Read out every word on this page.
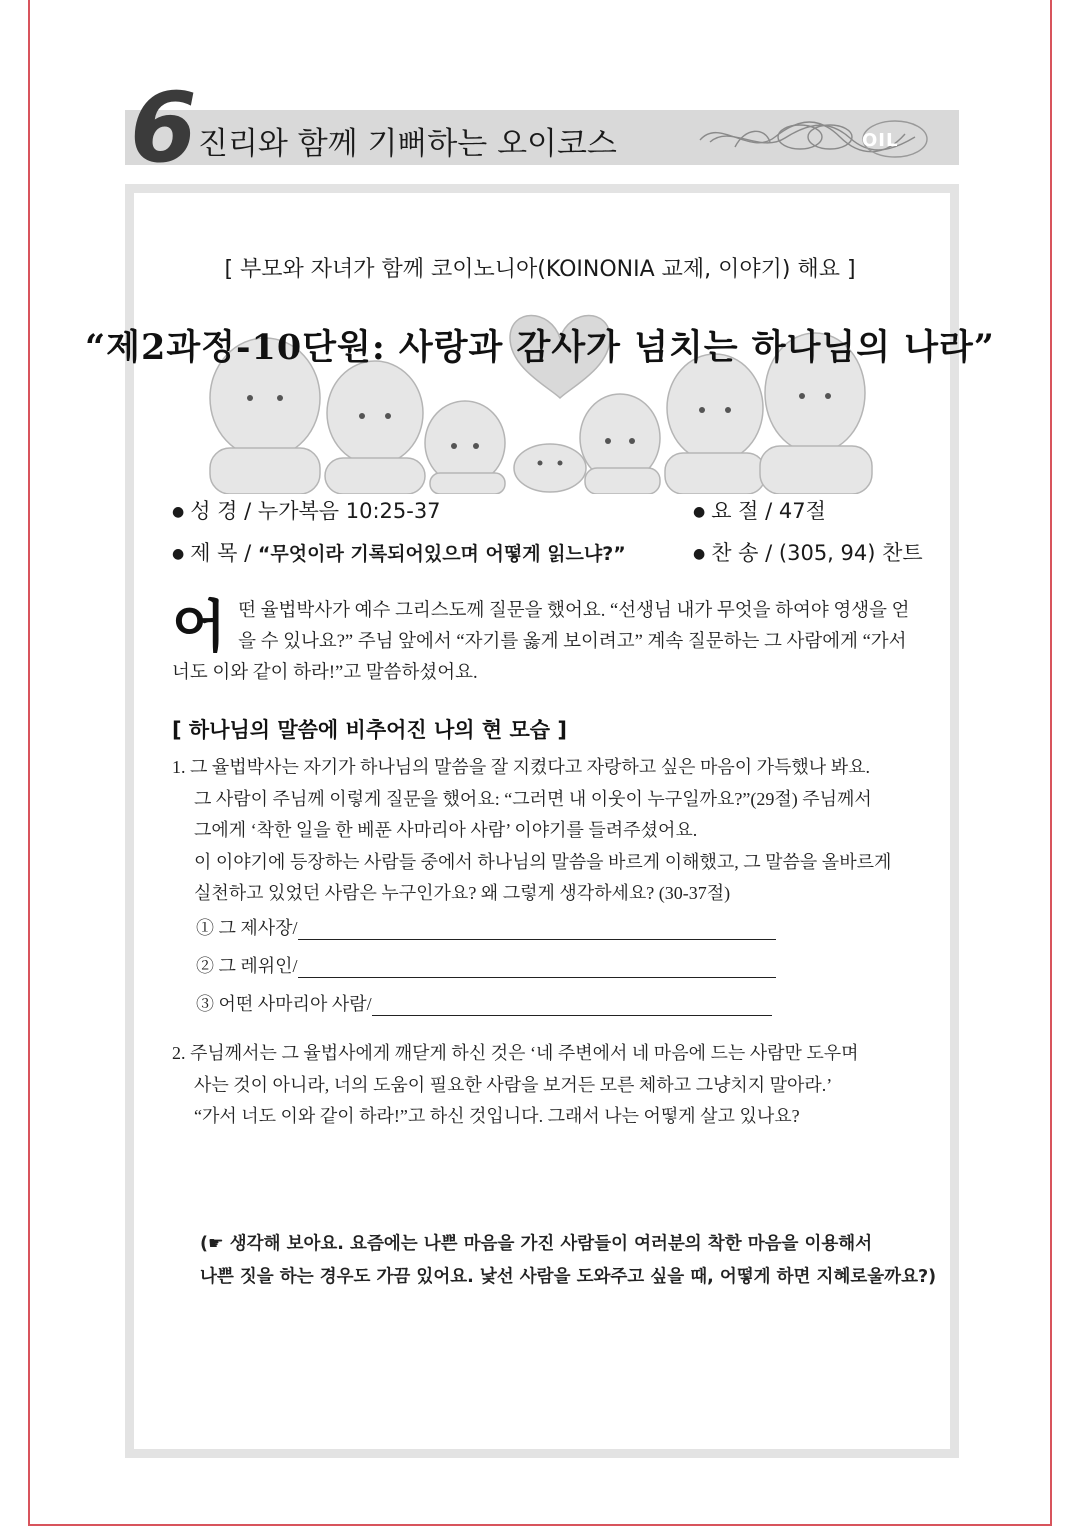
6 진리와 함께 기뻐하는 오이코스	OIL
[ 부모와 자녀가 함께 코이노니아(KOINONIA 교제, 이야기) 해요 ]
“제2과정-10단원: 사랑과 감사가 넘치는 하나님의 나라”
● 성 경 / 누가복음 10:25-37	● 요 절 / 47절
● 제 목 / “무엇이라 기록되어있으며 어떻게 읽느냐?”	● 찬 송 / (305, 94) 찬트
어 떤 율법박사가 예수 그리스도께 질문을 했어요. “선생님 내가 무엇을 하여야 영생을 얻을 수 있나요?” 주님 앞에서 “자기를 옳게 보이려고” 계속 질문하는 그 사람에게 “가서 너도 이와 같이 하라!”고 말씀하셨어요.
[ 하나님의 말씀에 비추어진 나의 현 모습 ]
1. 그 율법박사는 자기가 하나님의 말씀을 잘 지켰다고 자랑하고 싶은 마음이 가득했나 봐요.
그 사람이 주님께 이렇게 질문을 했어요: “그러면 내 이웃이 누구일까요?”(29절) 주님께서
그에게 ‘착한 일을 한 베푼 사마리아 사람’ 이야기를 들려주셨어요.
이 이야기에 등장하는 사람들 중에서 하나님의 말씀을 바르게 이해했고, 그 말씀을 올바르게
실천하고 있었던 사람은 누구인가요? 왜 그렇게 생각하세요? (30-37절)
① 그 제사장/
② 그 레위인/
③ 어떤 사마리아 사람/
2. 주님께서는 그 율법사에게 깨닫게 하신 것은 ‘네 주변에서 네 마음에 드는 사람만 도우며
사는 것이 아니라, 너의 도움이 필요한 사람을 보거든 모른 체하고 그냥치지 말아라.’
“가서 너도 이와 같이 하라!”고 하신 것입니다. 그래서 나는 어떻게 살고 있나요?
(☛ 생각해 보아요. 요즘에는 나쁜 마음을 가진 사람들이 여러분의 착한 마음을 이용해서
나쁜 짓을 하는 경우도 가끔 있어요. 낯선 사람을 도와주고 싶을 때, 어떻게 하면 지혜로울까요?)
